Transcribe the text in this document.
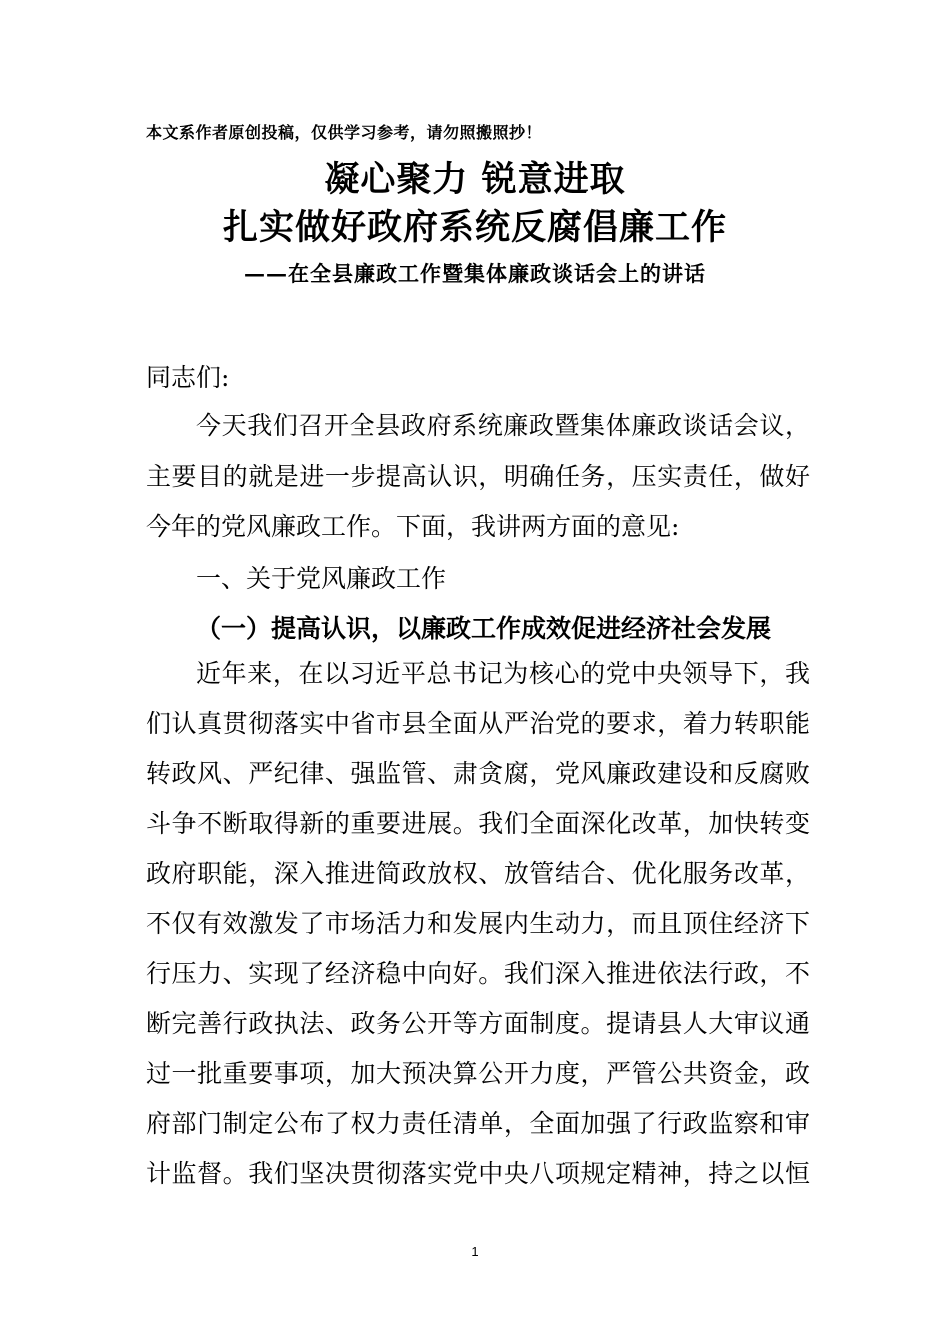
本文系作者原创投稿，仅供学习参考，请勿照搬照抄！
凝心聚力 锐意进取
扎实做好政府系统反腐倡廉工作
——在全县廉政工作暨集体廉政谈话会上的讲话
同志们:
今天我们召开全县政府系统廉政暨集体廉政谈话会议，
主要目的就是进一步提高认识，明确任务，压实责任，做好
今年的党风廉政工作。下面，我讲两方面的意见:
一、关于党风廉政工作
（一）提高认识，以廉政工作成效促进经济社会发展
近年来，在以习近平总书记为核心的党中央领导下，我
们认真贯彻落实中省市县全面从严治党的要求，着力转职能
转政风、严纪律、强监管、肃贪腐，党风廉政建设和反腐败
斗争不断取得新的重要进展。我们全面深化改革，加快转变
政府职能，深入推进简政放权、放管结合、优化服务改革，
不仅有效激发了市场活力和发展内生动力，而且顶住经济下
行压力、实现了经济稳中向好。我们深入推进依法行政，不
断完善行政执法、政务公开等方面制度。提请县人大审议通
过一批重要事项，加大预决算公开力度，严管公共资金，政
府部门制定公布了权力责任清单，全面加强了行政监察和审
计监督。我们坚决贯彻落实党中央八项规定精神，持之以恒
1
